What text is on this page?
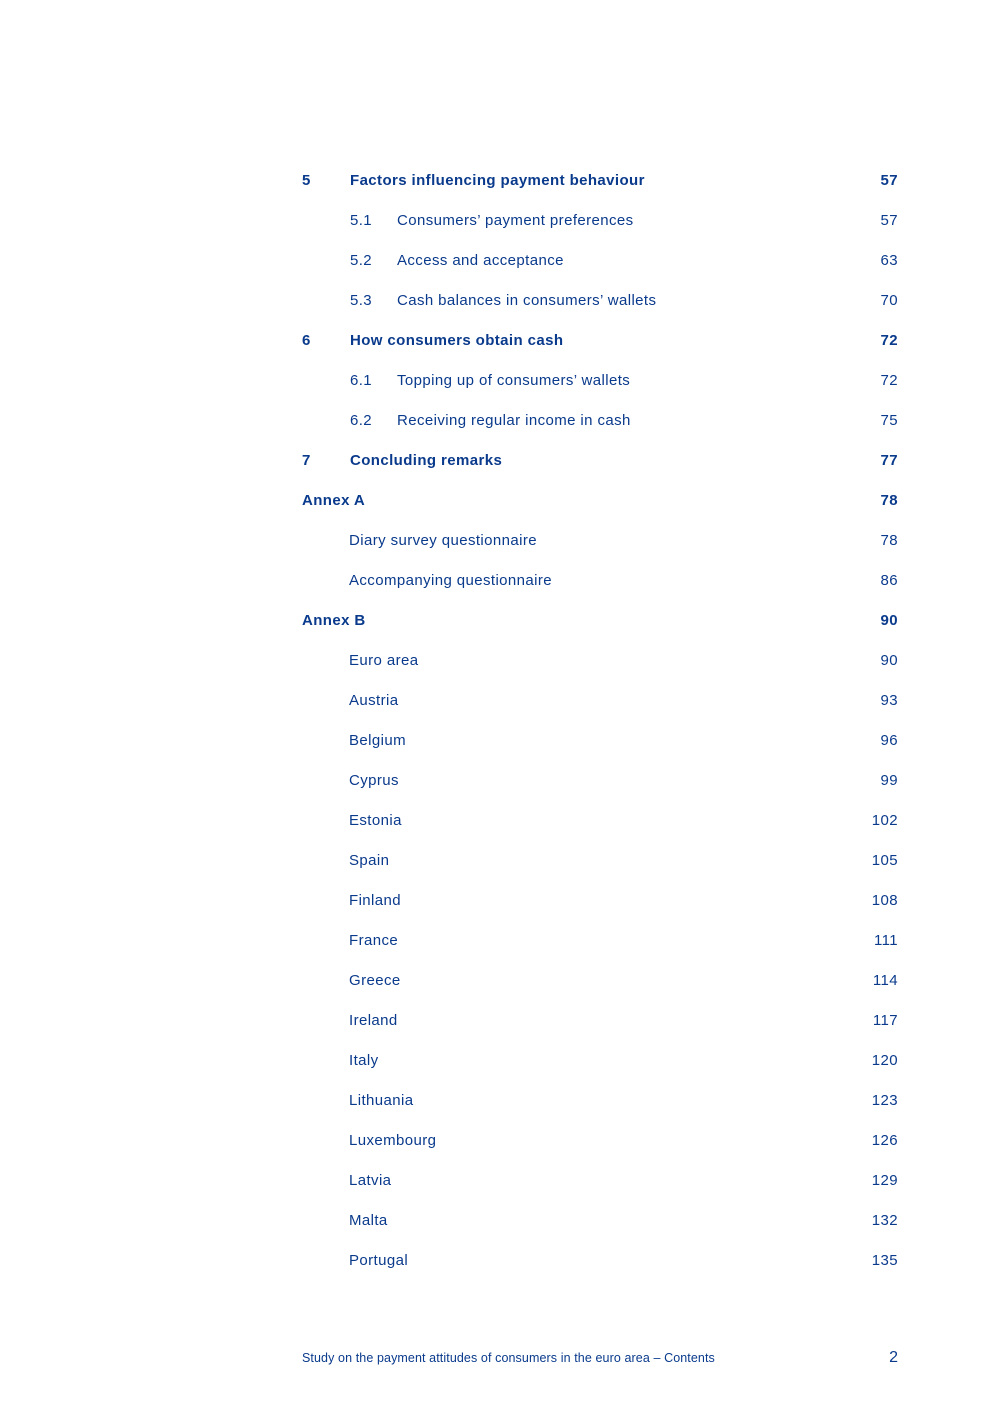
5	Factors influencing payment behaviour	57
5.1 Consumers’ payment preferences	57
5.2 Access and acceptance	63
5.3 Cash balances in consumers’ wallets	70
6	How consumers obtain cash	72
6.1 Topping up of consumers’ wallets	72
6.2 Receiving regular income in cash	75
7	Concluding remarks	77
Annex A	78
Diary survey questionnaire	78
Accompanying questionnaire	86
Annex B	90
Euro area	90
Austria	93
Belgium	96
Cyprus	99
Estonia	102
Spain	105
Finland	108
France	111
Greece	114
Ireland	117
Italy	120
Lithuania	123
Luxembourg	126
Latvia	129
Malta	132
Portugal	135
Study on the payment attitudes of consumers in the euro area – Contents	2
